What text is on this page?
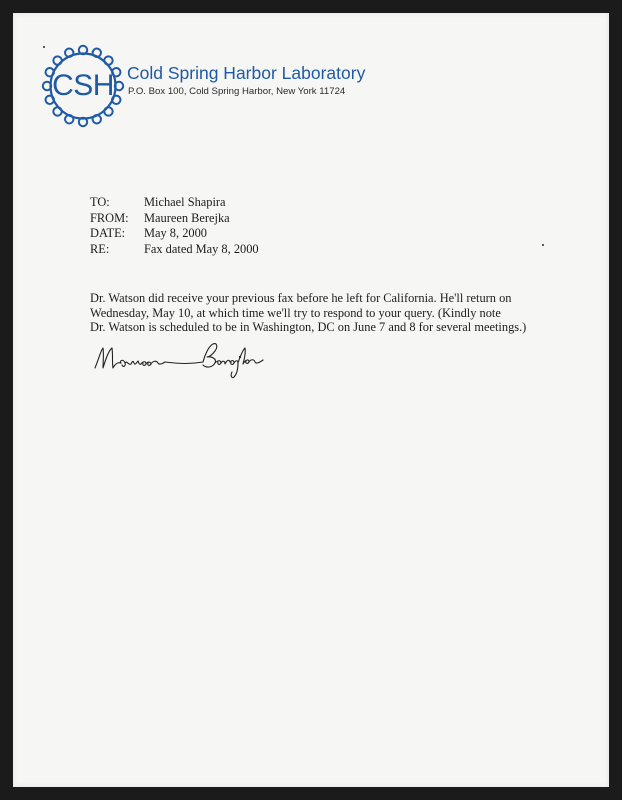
CSH Cold Spring Harbor Laboratory
P.O. Box 100, Cold Spring Harbor, New York 11724
TO:	Michael Shapira
FROM:	Maureen Berejka
DATE:	May 8, 2000
RE:	Fax dated May 8, 2000
Dr. Watson did receive your previous fax before he left for California. He'll return on
Wednesday, May 10, at which time we'll try to respond to your query. (Kindly note
Dr. Watson is scheduled to be in Washington, DC on June 7 and 8 for several meetings.)
